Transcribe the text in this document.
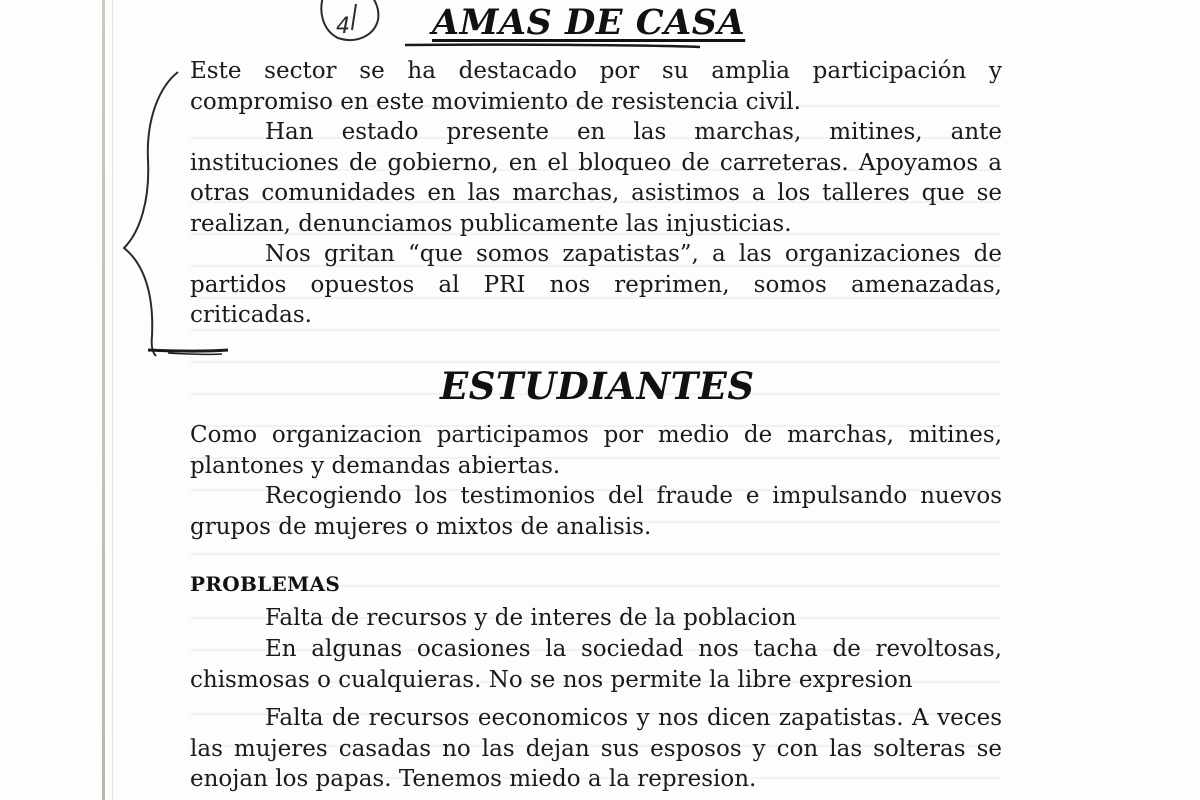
4 AMAS DE CASA

Este sector se ha destacado por su amplia participación y compromiso en este movimiento de resistencia civil.

Han estado presente en las marchas, mitines, ante instituciones de gobierno, en el bloqueo de carreteras. Apoyamos a otras comunidades en las marchas, asistimos a los talleres que se realizan, denunciamos publicamente las injusticias.

Nos gritan “que somos zapatistas”, a las organizaciones de partidos opuestos al PRI nos reprimen, somos amenazadas, criticadas.

ESTUDIANTES

Como organizacion participamos por medio de marchas, mitines, plantones y demandas abiertas.

Recogiendo los testimonios del fraude e impulsando nuevos grupos de mujeres o mixtos de analisis.

PROBLEMAS

Falta de recursos y de interes de la poblacion

En algunas ocasiones la sociedad nos tacha de revoltosas, chismosas o cualquieras. No se nos permite la libre expresion

Falta de recursos eeconomicos y nos dicen zapatistas. A veces las mujeres casadas no las dejan sus esposos y con las solteras se enojan los papas. Tenemos miedo a la represion.
